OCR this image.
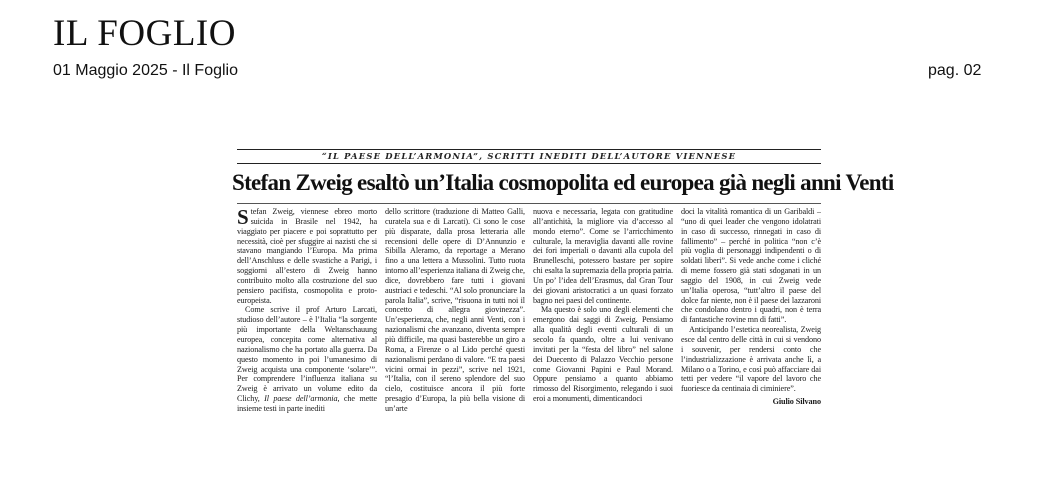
IL FOGLIO
01 Maggio 2025 - Il Foglio	pag. 02
“IL PAESE DELL’ARMONIA”, SCRITTI INEDITI DELL’AUTORE VIENNESE
Stefan Zweig esaltò un’Italia cosmopolita ed europea già negli anni Venti

Stefan Zweig, viennese ebreo morto suicida in Brasile nel 1942, ha viaggiato per piacere e poi soprattutto per necessità, cioè per sfuggire ai nazisti che si stavano mangiando l’Europa. Ma prima dell’Anschluss e delle svastiche a Parigi, i soggiorni all’estero di Zweig hanno contribuito molto alla costruzione del suo pensiero pacifista, cosmopolita e proto-europeista.

Come scrive il prof Arturo Larcati, studioso dell’autore – è l’Italia “la sorgente più importante della Weltanschauung europea, concepita come alternativa al nazionalismo che ha portato alla guerra. Da questo momento in poi l’umanesimo di Zweig acquista una componente ‘solare’”. Per comprendere l’influenza italiana su Zweig è arrivato un volume edito da Clichy, Il paese dell’armonia, che mette insieme testi in parte inediti

dello scrittore (traduzione di Matteo Galli, curatela sua e di Larcati). Ci sono le cose più disparate, dalla prosa letteraria alle recensioni delle opere di D’Annunzio e Sibilla Aleramo, da reportage a Merano fino a una lettera a Mussolini. Tutto ruota intorno all’esperienza italiana di Zweig che, dice, dovrebbero fare tutti i giovani austriaci e tedeschi. “Al solo pronunciare la parola Italia”, scrive, “risuona in tutti noi il concetto di allegra giovinezza”. Un’esperienza, che, negli anni Venti, con i nazionalismi che avanzano, diventa sempre più difficile, ma quasi basterebbe un giro a Roma, a Firenze o al Lido perché questi nazionalismi perdano di valore. “E tra paesi vicini ormai in pezzi”, scrive nel 1921, “l’Italia, con il sereno splendore del suo cielo, costituisce ancora il più forte presagio d’Europa, la più bella visione di un’arte

nuova e necessaria, legata con gratitudine all’antichità, la migliore via d’accesso al mondo eterno”. Come se l’arricchimento culturale, la meraviglia davanti alle rovine dei fori imperiali o davanti alla cupola del Brunelleschi, potessero bastare per sopire chi esalta la supremazia della propria patria. Un po’ l’idea dell’Erasmus, dal Gran Tour dei giovani aristocratici a un quasi forzato bagno nei paesi del continente.

Ma questo è solo uno degli elementi che emergono dai saggi di Zweig. Pensiamo alla qualità degli eventi culturali di un secolo fa quando, oltre a lui venivano invitati per la “festa del libro” nel salone dei Duecento di Palazzo Vecchio persone come Giovanni Papini e Paul Morand. Oppure pensiamo a quanto abbiamo rimosso del Risorgimento, relegando i suoi eroi a monumenti, dimenticandoci

doci la vitalità romantica di un Garibaldi – “uno di quei leader che vengono idolatrati in caso di successo, rinnegati in caso di fallimento” – perché in politica “non c’è più voglia di personaggi indipendenti o di soldati liberi”. Si vede anche come i cliché di meme fossero già stati sdoganati in un saggio del 1908, in cui Zweig vede un’Italia operosa, “tutt’altro il paese del dolce far niente, non è il paese dei lazzaroni che condolano dentro i quadri, non è terra di fantastiche rovine mn di fatti”.

Anticipando l’estetica neorealista, Zweig esce dal centro delle città in cui si vendono i souvenir, per rendersi conto che l’industrializzazione è arrivata anche lì, a Milano o a Torino, e così può affacciare dai tetti per vedere “il vapore del lavoro che fuoriesce da centinaia di ciminiere”.

Giulio Silvano
